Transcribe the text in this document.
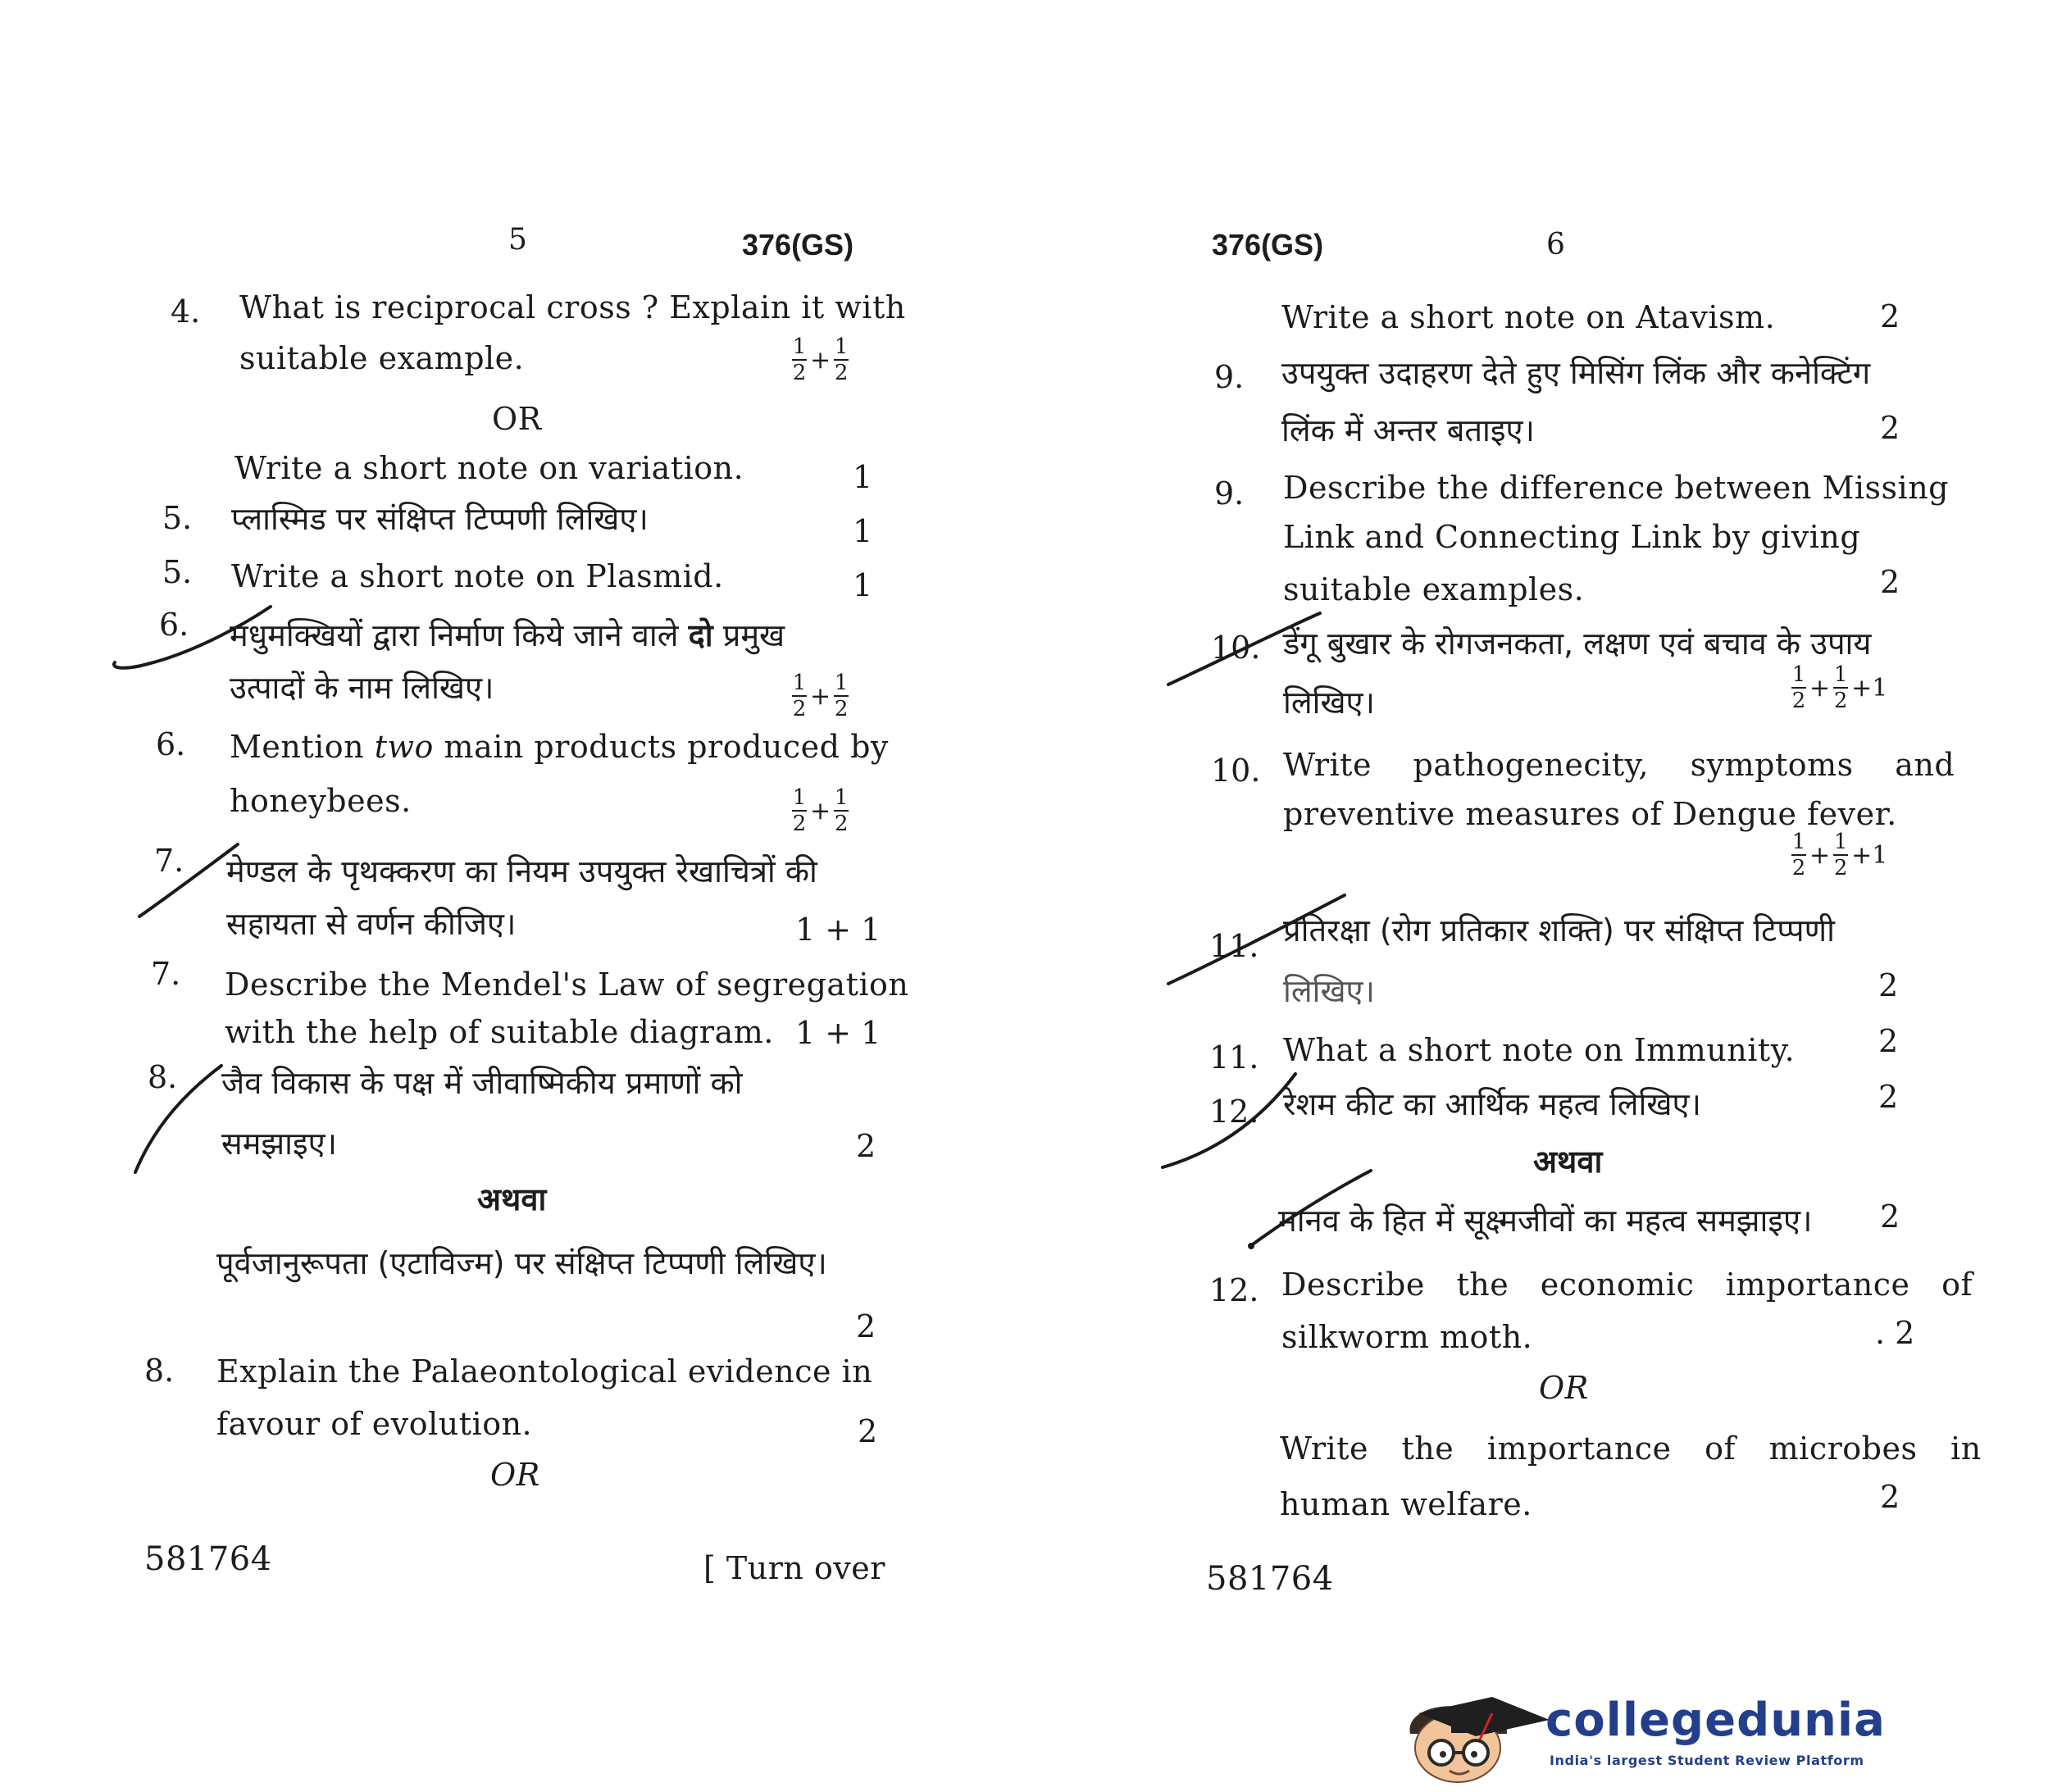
5	376(GS)
4. What is reciprocal cross ? Explain it with
suitable example.	$\frac{1}{2} + \frac{1}{2}$
OR
Write a short note on variation.	1
5. प्लास्मिड पर संक्षिप्त टिप्पणी लिखिए।	1
5. Write a short note on Plasmid.	1
6. मधुमक्खियों द्वारा निर्माण किये जाने वाले दो प्रमुख
उत्पादों के नाम लिखिए।	$\frac{1}{2} + \frac{1}{2}$
6. Mention two main products produced by
honeybees.	$\frac{1}{2} + \frac{1}{2}$
7. मेण्डल के पृथक्करण का नियम उपयुक्त रेखाचित्रों की
सहायता से वर्णन कीजिए।	1 + 1
7. Describe the Mendel's Law of segregation
with the help of suitable diagram. 1 + 1
8. जैव विकास के पक्ष में जीवाष्मिकीय प्रमाणों को
समझाइए।	2
अथवा
पूर्वजानुरूपता (एटाविज्म) पर संक्षिप्त टिप्पणी लिखिए।
2
8. Explain the Palaeontological evidence in
favour of evolution.	2
OR
581764	[ Turn over
376(GS)	6
Write a short note on Atavism.	2
9. उपयुक्त उदाहरण देते हुए मिसिंग लिंक और कनेक्टिंग
लिंक में अन्तर बताइए।	2
9. Describe the difference between Missing
Link and Connecting Link by giving
suitable examples.	2
10. डेंगू बुखार के रोगजनकता, लक्षण एवं बचाव के उपाय
लिखिए।	$\frac{1}{2} + \frac{1}{2} +1$
10. Write pathogenecity, symptoms and
preventive measures of Dengue fever.
$\frac{1}{2} + \frac{1}{2} +1$
11. प्रतिरक्षा (रोग प्रतिकार शक्ति) पर संक्षिप्त टिप्पणी
लिखिए।	2
11. What a short note on Immunity.	2
12. रेशम कीट का आर्थिक महत्व लिखिए।	2
अथवा
मानव के हित में सूक्ष्मजीवों का महत्व समझाइए। 2
12. Describe the economic importance of
silkworm moth.	. 2
OR
Write the importance of microbes in
human welfare.	2
581764
collegedunia
India's largest Student Review Platform
